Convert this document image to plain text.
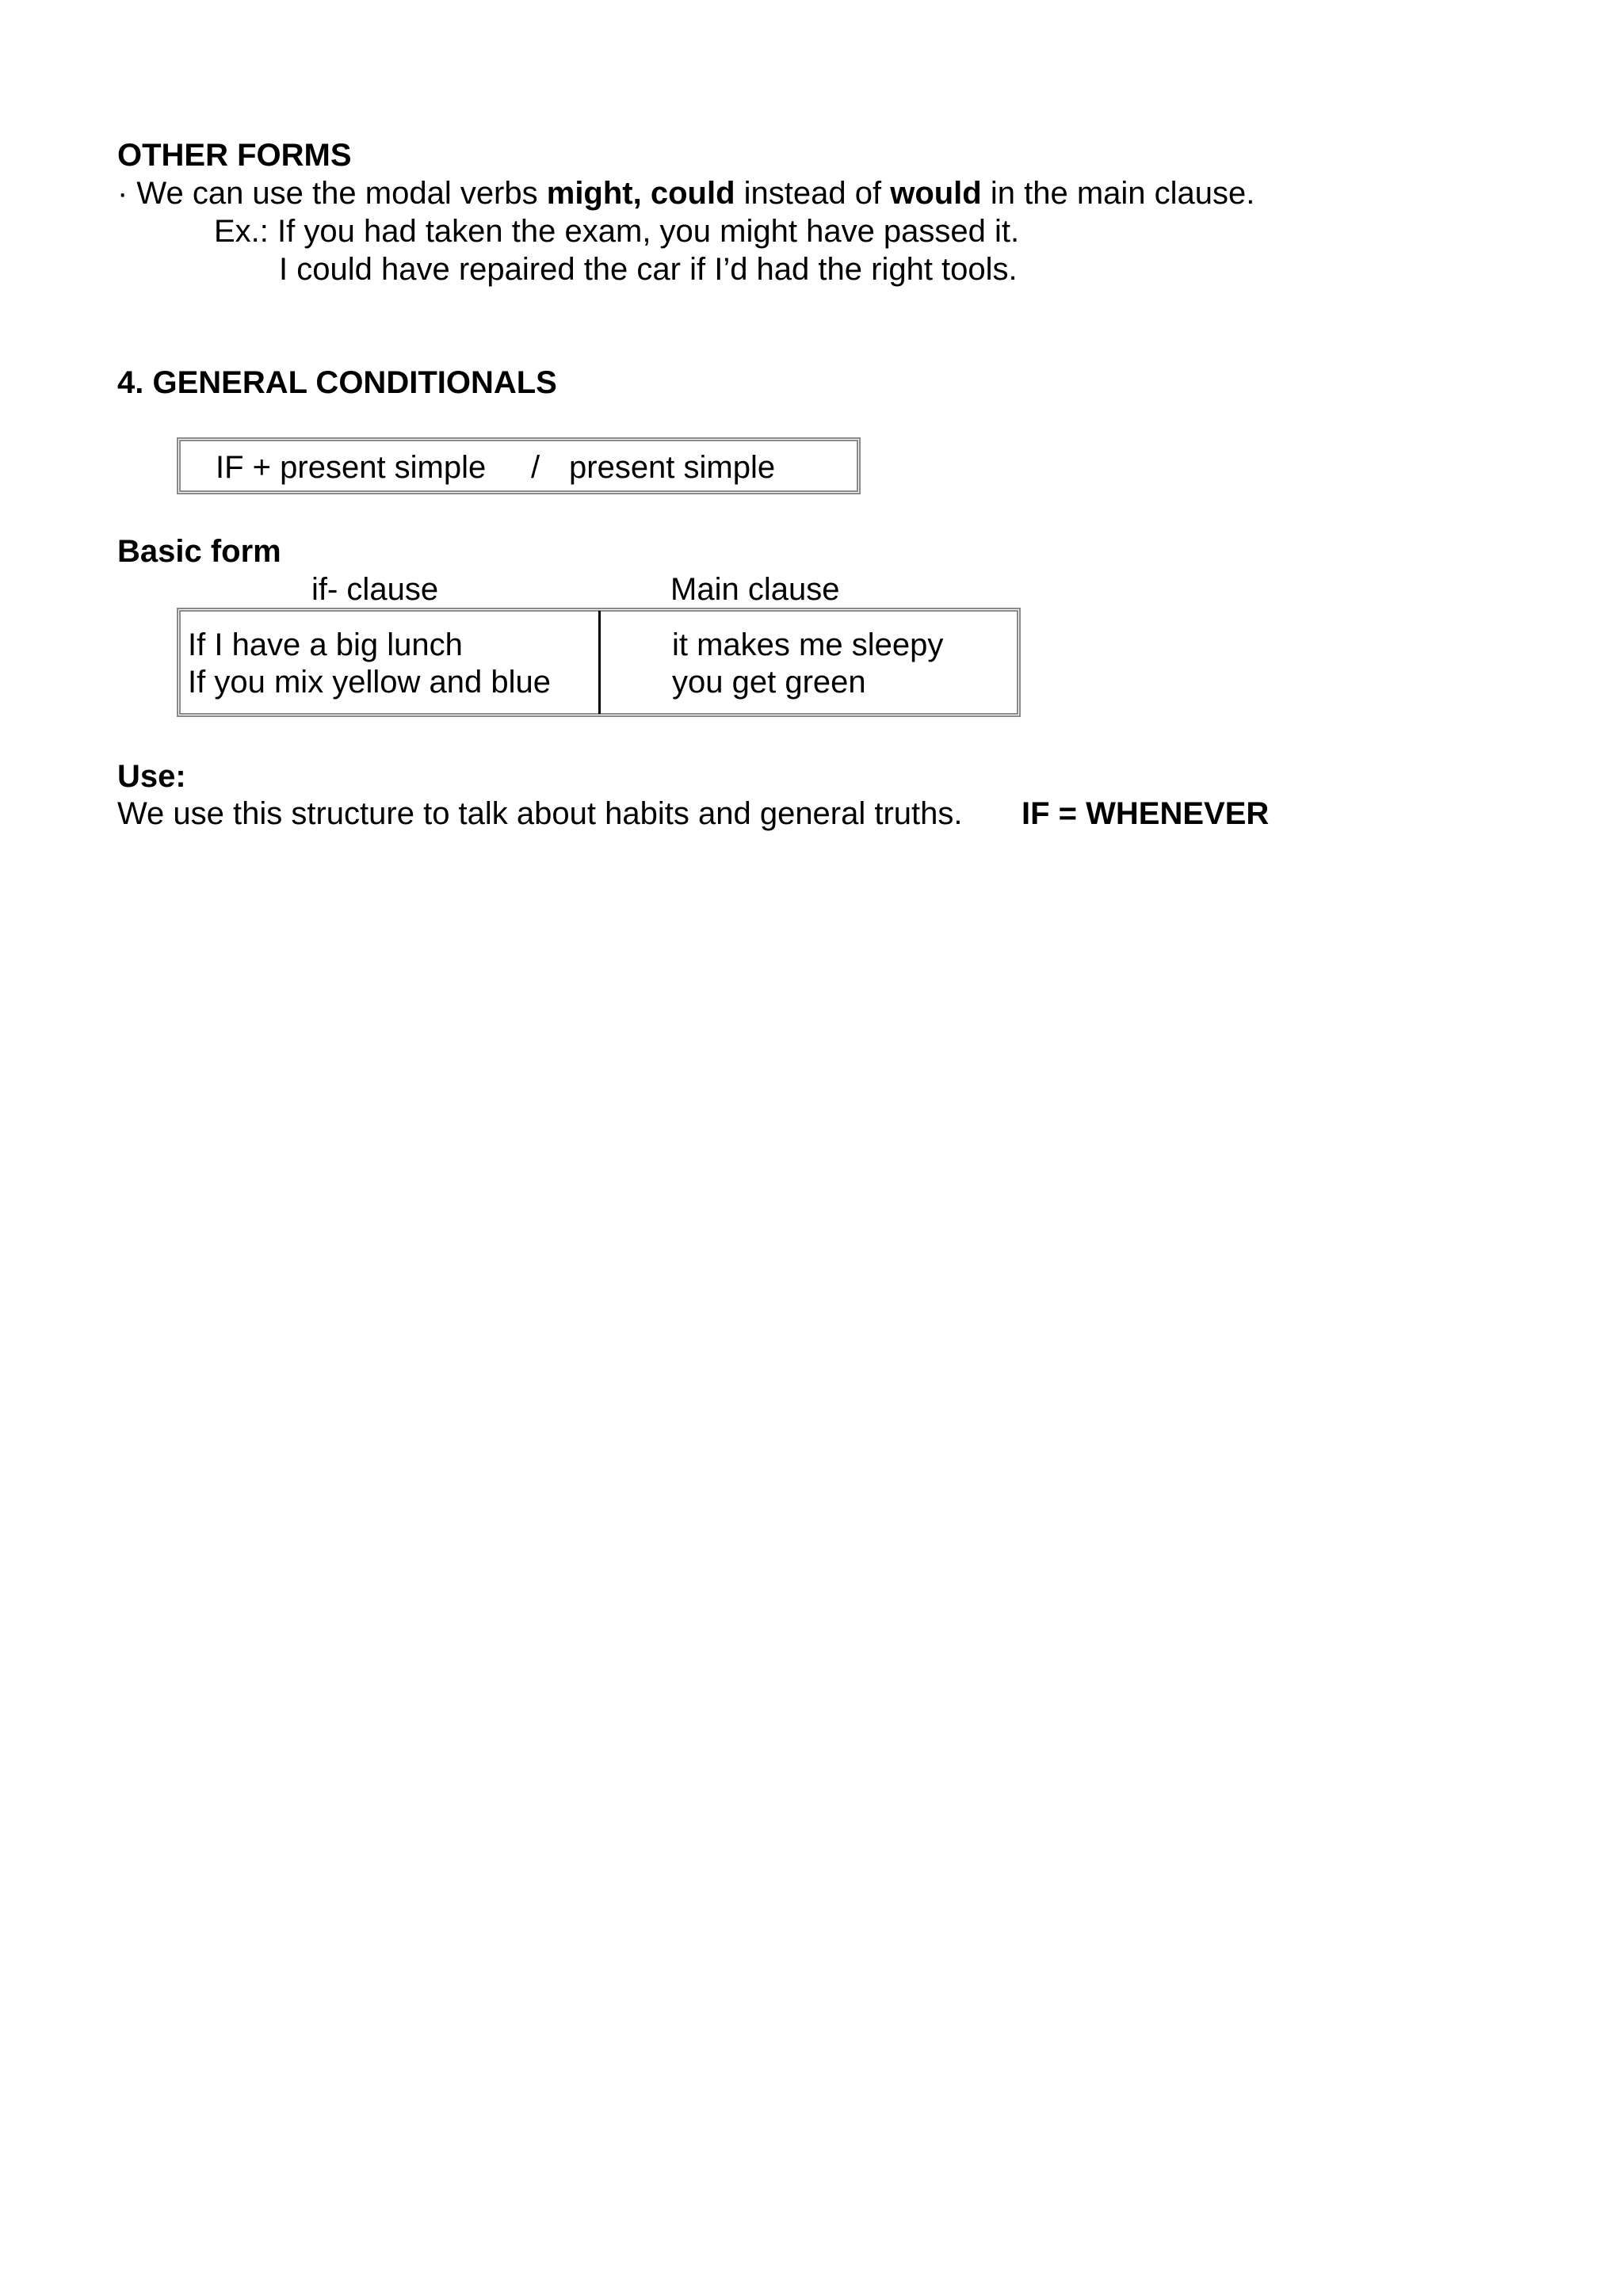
OTHER FORMS
· We can use the modal verbs might, could instead of would in the main clause.
Ex.: If you had taken the exam, you might have passed it.
I could have repaired the car if I’d had the right tools.
4. GENERAL CONDITIONALS
IF + present simple / present simple
Basic form
if- clause	Main clause
If I have a big lunch	it makes me sleepy
If you mix yellow and blue	you get green
Use:
We use this structure to talk about habits and general truths. IF = WHENEVER
